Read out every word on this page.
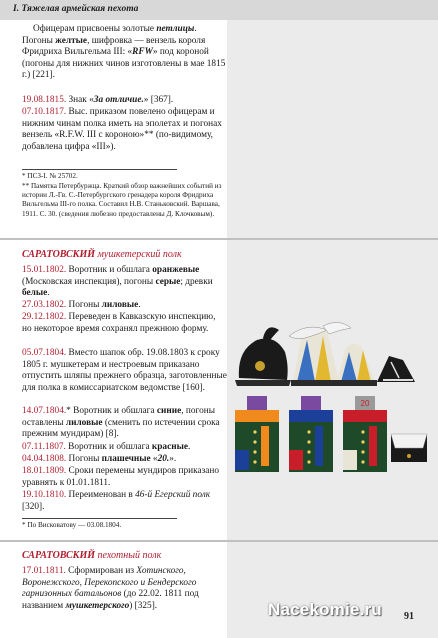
I. Тяжелая армейская пехота
Офицерам присвоены золотые петлицы. Погоны желтые, шифровка — вензель короля Фридриха Вильгельма III: «RFW» под короной (погоны для нижних чинов изготовлены в мае 1815 г.) [221].
19.08.1815. Знак «За отличие.» [367].
07.10.1817. Выс. приказом повелено офицерам и нижним чинам полка иметь на эполетах и погонах вензель «R.F.W. III с короною»** (по-видимому, добавлена цифра «III»).
* ПСЗ-I. № 25702.
** Памятка Петербуржца. Краткий обзор важнейших событий из истории Л.-Гв. С.-Петербургского гренадера короля Фридриха Вильгельма III-го полка. Составил Н.В. Станьковский. Варшава, 1911. С. 30. (сведения любезно предоставлены Д. Клочковым).
САРАТОВСКИЙ мушкетерский полк
15.01.1802. Воротник и обшлага оранжевые (Московская инспекция), погоны серые; древки белые.
27.03.1802. Погоны лиловые.
29.12.1802. Переведен в Кавказскую инспекцию, но некоторое время сохранял прежнюю форму.
05.07.1804. Вместо шапок обр. 19.08.1803 к сроку 1805 г. мушкетерам и нестроевым приказано отпустить шляпы прежнего образца, заготовленные для полка в комиссариатском ведомстве [160].
14.07.1804.* Воротник и обшлага синие, погоны оставлены лиловые (сменить по истечении срока прежним мундирам) [8].
07.11.1807. Воротник и обшлага красные.
04.04.1808. Погоны плашечные «20.».
18.01.1809. Сроки перемены мундиров приказано уравнять к 01.01.1811.
19.10.1810. Переименован в 46-й Егерский полк [320].
* По Висковатову — 03.08.1804.
САРАТОВСКИЙ пехотный полк
17.01.1811. Сформирован из Хотинского, Воронежского, Перекопского и Бендерского гарнизонных батальонов (до 22.02. 1811 под названием мушкетерского) [325].
20
91
Nacekomie.ru
